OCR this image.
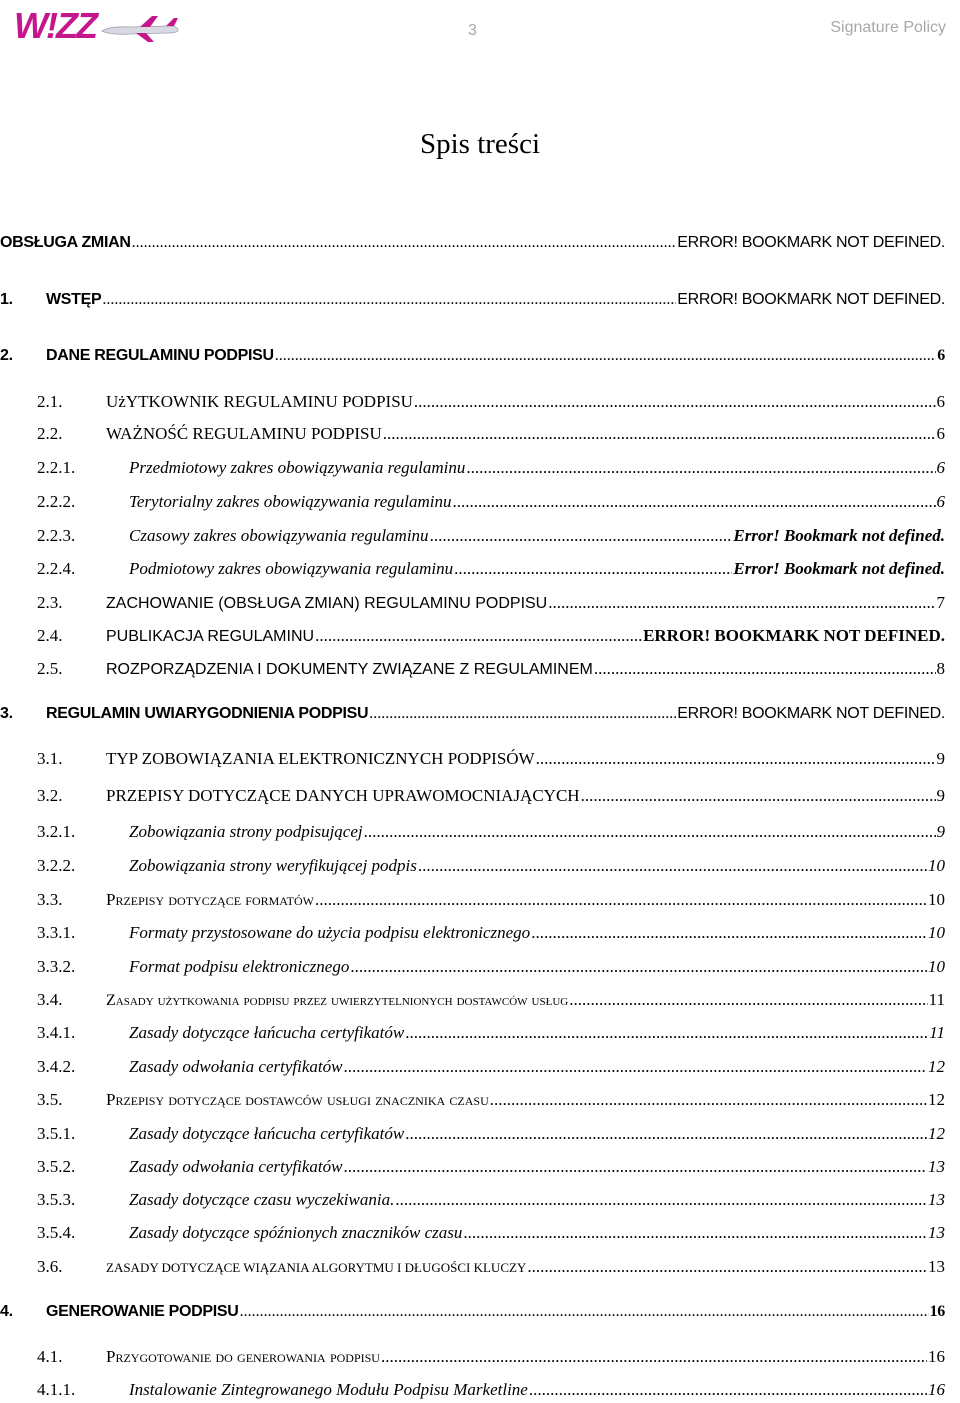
W!ZZ	3	Signature Policy
Spis treści
OBSŁUGA ZMIAN .....	ERROR! BOOKMARK NOT DEFINED.
1.	WSTĘP .....	ERROR! BOOKMARK NOT DEFINED.
2.	DANE REGULAMINU PODPISU .....	6
2.1.	UżYTKOWNIK REGULAMINU PODPISU .....	6
2.2.	WAŻNOŚĆ REGULAMINU PODPISU .....	6
2.2.1.	Przedmiotowy zakres obowiązywania regulaminu .....	6
2.2.2.	Terytorialny zakres obowiązywania regulaminu .....	6
2.2.3.	Czasowy zakres obowiązywania regulaminu .....	Error! Bookmark not defined.
2.2.4.	Podmiotowy zakres obowiązywania regulaminu .....	Error! Bookmark not defined.
2.3.	ZACHOWANIE (OBSŁUGA ZMIAN) REGULAMINU PODPISU .....	7
2.4.	PUBLIKACJA REGULAMINU .....	ERROR! BOOKMARK NOT DEFINED.
2.5.	ROZPORZĄDZENIA I DOKUMENTY ZWIĄZANE Z REGULAMINEM .....	8
3.	REGULAMIN UWIARYGODNIENIA PODPISU .....	ERROR! BOOKMARK NOT DEFINED.
3.1.	TYP ZOBOWIĄZANIA ELEKTRONICZNYCH PODPISÓW .....	9
3.2.	PRZEPISY DOTYCZĄCE DANYCH UPRAWOMOCNIAJĄCYCH .....	9
3.2.1.	Zobowiązania strony podpisującej .....	9
3.2.2.	Zobowiązania strony weryfikującej podpis .....	10
3.3.	Przepisy dotyczące formatów .....	10
3.3.1.	Formaty przystosowane do użycia podpisu elektronicznego .....	10
3.3.2.	Format podpisu elektronicznego .....	10
3.4.	Zasady użytkowania podpisu przez uwierzytelnionych dostawców usług .....	11
3.4.1.	Zasady dotyczące łańcucha certyfikatów .....	11
3.4.2.	Zasady odwołania certyfikatów .....	12
3.5.	Przepisy dotyczące dostawców usługi znacznika czasu .....	12
3.5.1.	Zasady dotyczące łańcucha certyfikatów .....	12
3.5.2.	Zasady odwołania certyfikatów .....	13
3.5.3.	Zasady dotyczące czasu wyczekiwania. .....	13
3.5.4.	Zasady dotyczące spóźnionych znaczników czasu .....	13
3.6.	ZASADY DOTYCZĄCE WIĄZANIA ALGORYTMU I DŁUGOŚCI KLUCZY .....	13
4.	GENEROWANIE PODPISU .....	16
4.1.	Przygotowanie do generowania podpisu .....	16
4.1.1.	Instalowanie Zintegrowanego Modułu Podpisu Marketline .....	16
